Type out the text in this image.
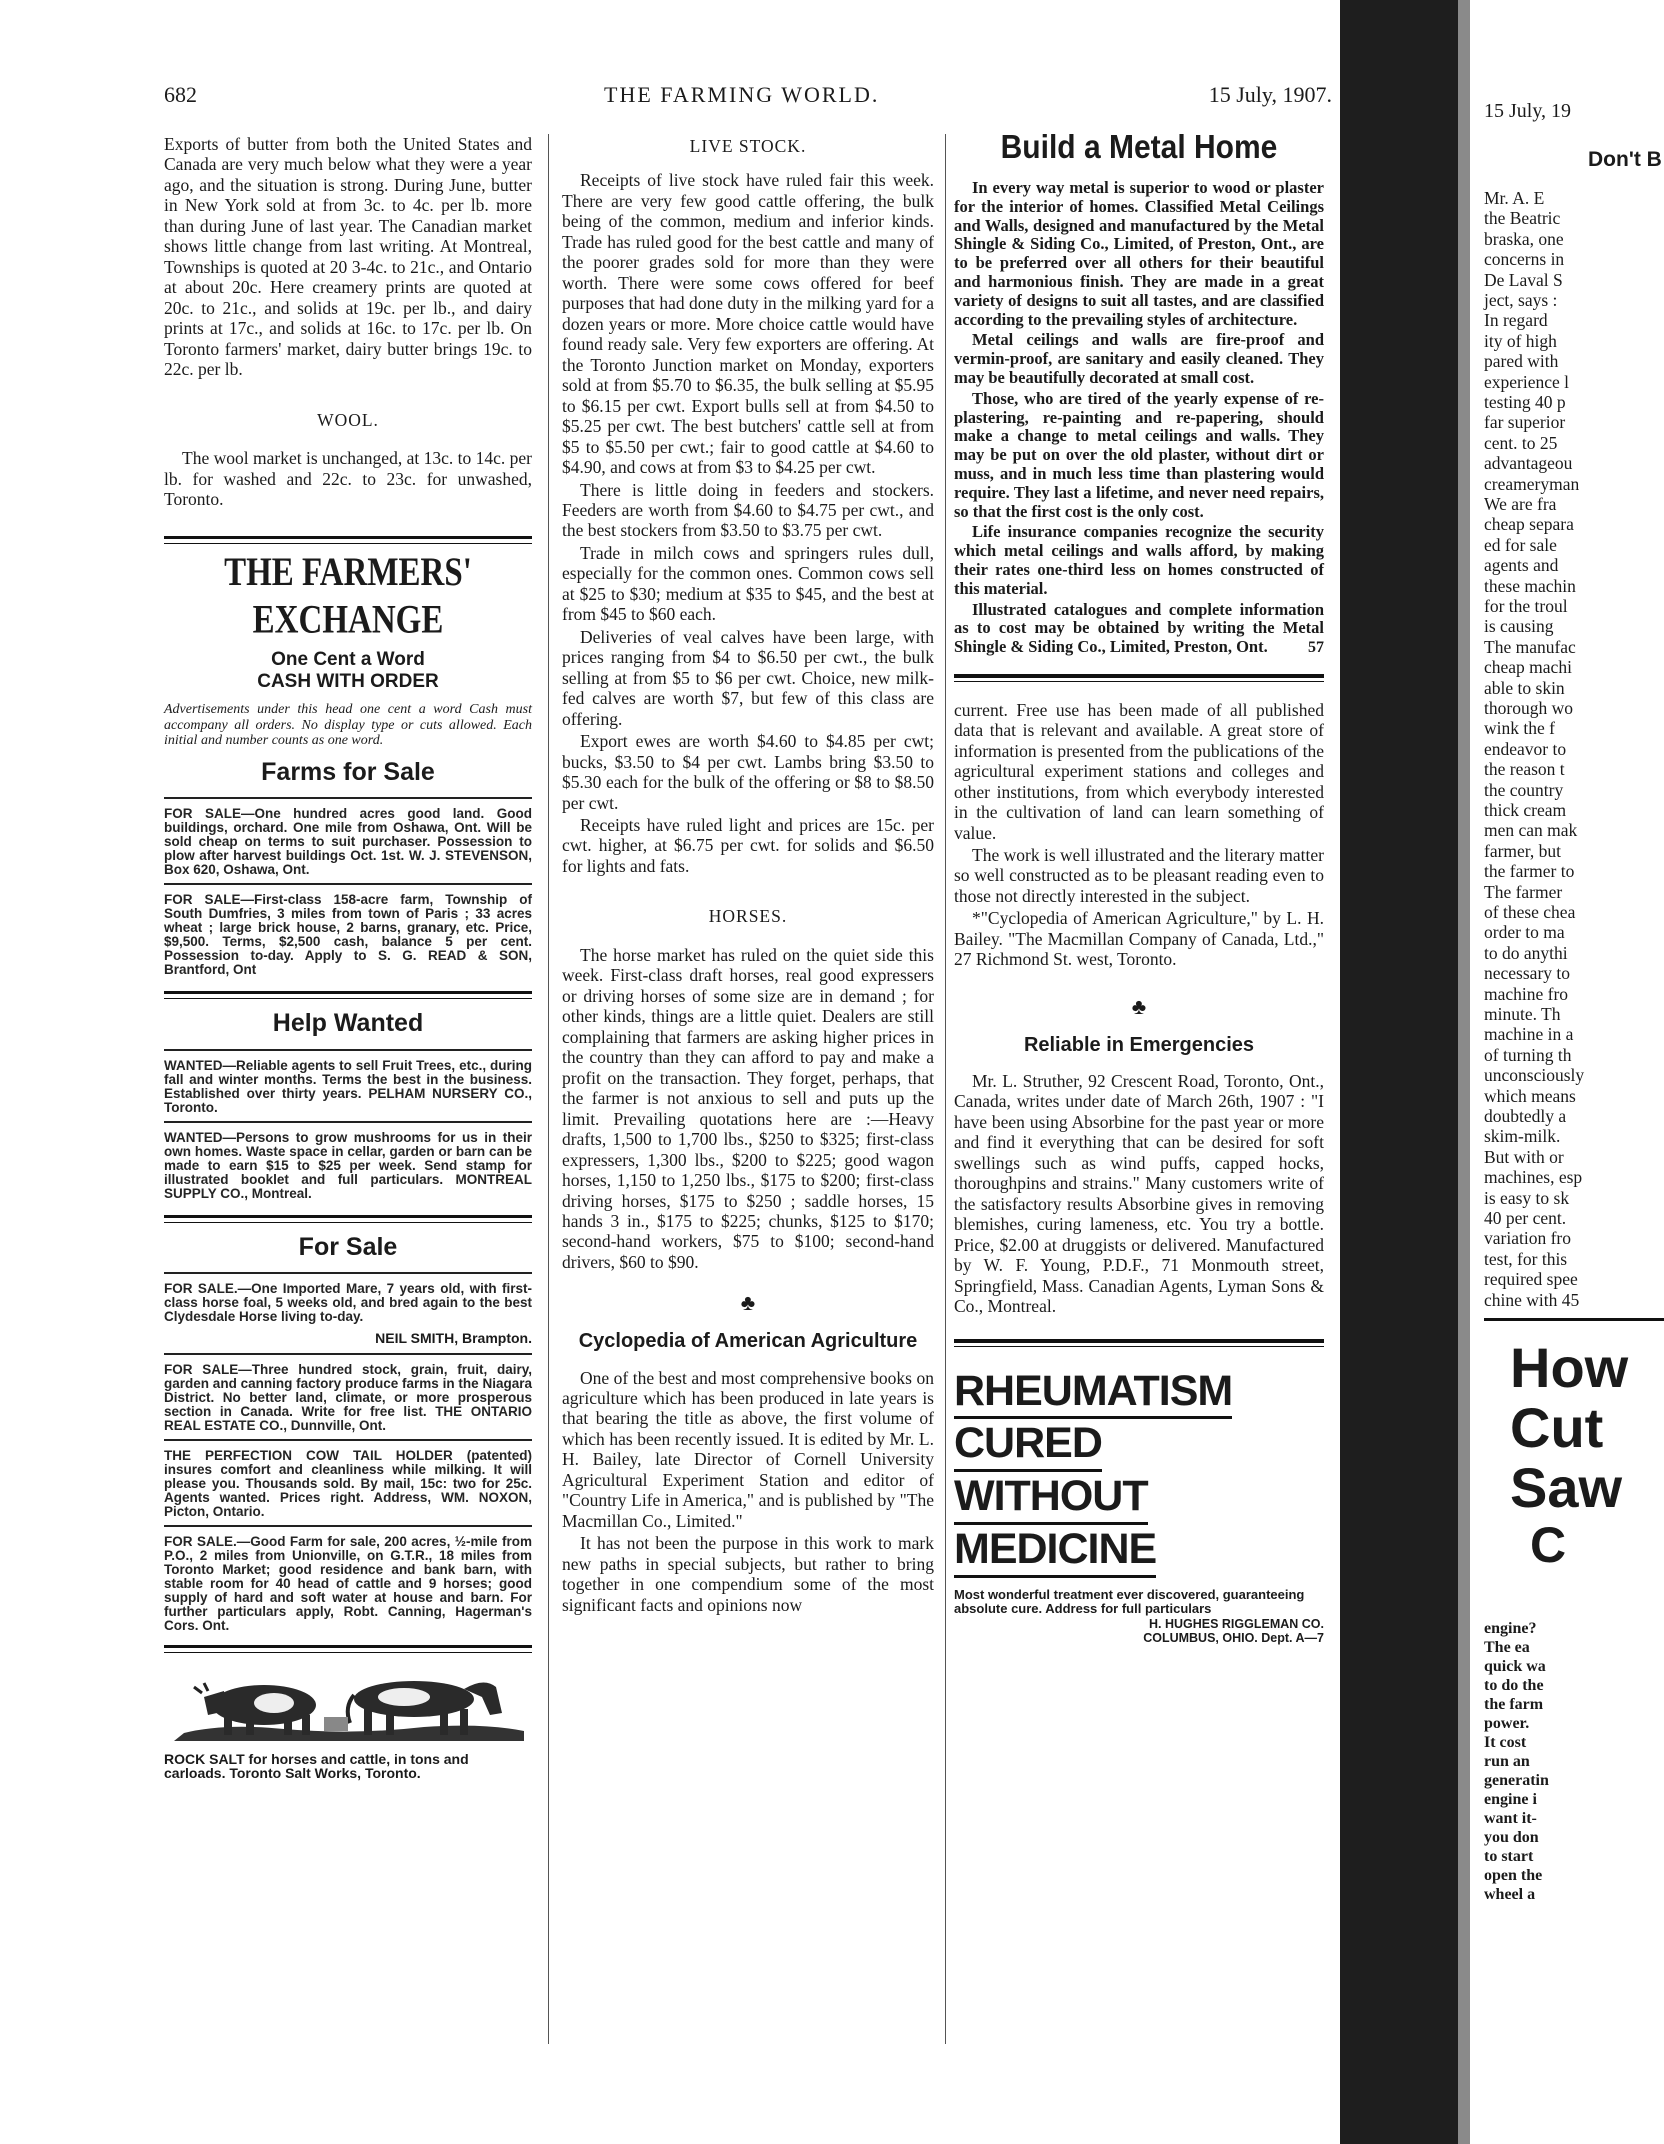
682	THE FARMING WORLD.	15 July, 1907.

Exports of butter from both the United States and Canada are very much below what they were a year ago, and the situation is strong. During June, butter in New York sold at from 3c. to 4c. per lb. more than during June of last year. The Canadian market shows little change from last writing. At Montreal, Townships is quoted at 20 3-4c. to 21c., and Ontario at about 20c. Here creamery prints are quoted at 20c. to 21c., and solids at 19c. per lb., and dairy prints at 17c., and solids at 16c. to 17c. per lb. On Toronto farmers' market, dairy butter brings 19c. to 22c. per lb.

WOOL.

The wool market is unchanged, at 13c. to 14c. per lb. for washed and 22c. to 23c. for unwashed, Toronto.

THE FARMERS' EXCHANGE
One Cent a Word
CASH WITH ORDER
Advertisements under this head one cent a word Cash must accompany all orders. No display type or cuts allowed. Each initial and number counts as one word.
Farms for Sale
FOR SALE—One hundred acres good land. Good buildings, orchard. One mile from Oshawa, Ont. Will be sold cheap on terms to suit purchaser. Possession to plow after harvest buildings Oct. 1st. W. J. STEVENSON, Box 620, Oshawa, Ont.
FOR SALE—First-class 158-acre farm, Township of South Dumfries, 3 miles from town of Paris ; 33 acres wheat ; large brick house, 2 barns, granary, etc. Price, $9,500. Terms, $2,500 cash, balance 5 per cent. Possession to-day. Apply to S. G. READ & SON, Brantford, Ont
Help Wanted
WANTED—Reliable agents to sell Fruit Trees, etc., during fall and winter months. Terms the best in the business. Established over thirty years. PELHAM NURSERY CO., Toronto.
WANTED—Persons to grow mushrooms for us in their own homes. Waste space in cellar, garden or barn can be made to earn $15 to $25 per week. Send stamp for illustrated booklet and full particulars. MONTREAL SUPPLY CO., Montreal.
For Sale
FOR SALE.—One Imported Mare, 7 years old, with first-class horse foal, 5 weeks old, and bred again to the best Clydesdale Horse living to-day.
NEIL SMITH, Brampton.
FOR SALE—Three hundred stock, grain, fruit, dairy, garden and canning factory produce farms in the Niagara District. No better land, climate, or more prosperous section in Canada. Write for free list. THE ONTARIO REAL ESTATE CO., Dunnville, Ont.
THE PERFECTION COW TAIL HOLDER (patented) insures comfort and cleanliness while milking. It will please you. Thousands sold. By mail, 15c: two for 25c. Agents wanted. Prices right. Address, WM. NOXON, Picton, Ontario.
FOR SALE.—Good Farm for sale, 200 acres, ½-mile from P.O., 2 miles from Unionville, on G.T.R., 18 miles from Toronto Market; good residence and bank barn, with stable room for 40 head of cattle and 9 horses; good supply of hard and soft water at house and barn. For further particulars apply, Robt. Canning, Hagerman's Cors. Ont.
ROCK SALT for horses and cattle, in tons and carloads. Toronto Salt Works, Toronto.
LIVE STOCK.

Receipts of live stock have ruled fair this week. There are very few good cattle offering, the bulk being of the common, medium and inferior kinds. Trade has ruled good for the best cattle and many of the poorer grades sold for more than they were worth. There were some cows offered for beef purposes that had done duty in the milking yard for a dozen years or more. More choice cattle would have found ready sale. Very few exporters are offering. At the Toronto Junction market on Monday, exporters sold at from $5.70 to $6.35, the bulk selling at $5.95 to $6.15 per cwt. Export bulls sell at from $4.50 to $5.25 per cwt. The best butchers' cattle sell at from $5 to $5.50 per cwt.; fair to good cattle at $4.60 to $4.90, and cows at from $3 to $4.25 per cwt.

There is little doing in feeders and stockers. Feeders are worth from $4.60 to $4.75 per cwt., and the best stockers from $3.50 to $3.75 per cwt.

Trade in milch cows and springers rules dull, especially for the common ones. Common cows sell at $25 to $30; medium at $35 to $45, and the best at from $45 to $60 each.

Deliveries of veal calves have been large, with prices ranging from $4 to $6.50 per cwt., the bulk selling at from $5 to $6 per cwt. Choice, new milk-fed calves are worth $7, but few of this class are offering.

Export ewes are worth $4.60 to $4.85 per cwt; bucks, $3.50 to $4 per cwt. Lambs bring $3.50 to $5.30 each for the bulk of the offering or $8 to $8.50 per cwt.

Receipts have ruled light and prices are 15c. per cwt. higher, at $6.75 per cwt. for solids and $6.50 for lights and fats.

HORSES.

The horse market has ruled on the quiet side this week. First-class draft horses, real good expressers or driving horses of some size are in demand ; for other kinds, things are a little quiet. Dealers are still complaining that farmers are asking higher prices in the country than they can afford to pay and make a profit on the transaction. They forget, perhaps, that the farmer is not anxious to sell and puts up the limit. Prevailing quotations here are :—Heavy drafts, 1,500 to 1,700 lbs., $250 to $325; first-class expressers, 1,300 lbs., $200 to $225; good wagon horses, 1,150 to 1,250 lbs., $175 to $200; first-class driving horses, $175 to $250 ; saddle horses, 15 hands 3 in., $175 to $225; chunks, $125 to $170; second-hand workers, $75 to $100; second-hand drivers, $60 to $90.

♣
Cyclopedia of American Agriculture

One of the best and most comprehensive books on agriculture which has been produced in late years is that bearing the title as above, the first volume of which has been recently issued. It is edited by Mr. L. H. Bailey, late Director of Cornell University Agricultural Experiment Station and editor of "Country Life in America," and is published by "The Macmillan Co., Limited."

It has not been the purpose in this work to mark new paths in special subjects, but rather to bring together in one compendium some of the most significant facts and opinions now

Build a Metal Home

In every way metal is superior to wood or plaster for the interior of homes. Classified Metal Ceilings and Walls, designed and manufactured by the Metal Shingle & Siding Co., Limited, of Preston, Ont., are to be preferred over all others for their beautiful and harmonious finish. They are made in a great variety of designs to suit all tastes, and are classified according to the prevailing styles of architecture.

Metal ceilings and walls are fire-proof and vermin-proof, are sanitary and easily cleaned. They may be beautifully decorated at small cost.

Those, who are tired of the yearly expense of re-plastering, re-painting and re-papering, should make a change to metal ceilings and walls. They may be put on over the old plaster, without dirt or muss, and in much less time than plastering would require. They last a lifetime, and never need repairs, so that the first cost is the only cost.

Life insurance companies recognize the security which metal ceilings and walls afford, by making their rates one-third less on homes constructed of this material.

Illustrated catalogues and complete information as to cost may be obtained by writing the Metal Shingle & Siding Co., Limited, Preston, Ont.	57

current. Free use has been made of all published data that is relevant and available. A great store of information is presented from the publications of the agricultural experiment stations and colleges and other institutions, from which everybody interested in the cultivation of land can learn something of value.

The work is well illustrated and the literary matter so well constructed as to be pleasant reading even to those not directly interested in the subject.

*"Cyclopedia of American Agriculture," by L. H. Bailey. "The Macmillan Company of Canada, Ltd.," 27 Richmond St. west, Toronto.

♣
Reliable in Emergencies

Mr. L. Struther, 92 Crescent Road, Toronto, Ont., Canada, writes under date of March 26th, 1907 : "I have been using Absorbine for the past year or more and find it everything that can be desired for soft swellings such as wind puffs, capped hocks, thoroughpins and strains." Many customers write of the satisfactory results Absorbine gives in removing blemishes, curing lameness, etc. You try a bottle. Price, $2.00 at druggists or delivered. Manufactured by W. F. Young, P.D.F., 71 Monmouth street, Springfield, Mass. Canadian Agents, Lyman Sons & Co., Montreal.

RHEUMATISM
CURED
WITHOUT
MEDICINE
Most wonderful treatment ever discovered, guaranteeing absolute cure. Address for full particulars
H. HUGHES RIGGLEMAN CO.
COLUMBUS, OHIO. Dept. A—7
15 July, 19
Don't B
Mr. A. E
the Beatric
braska, one
concerns in
De Laval S
ject, says :
In regard
ity of high
pared with
experience l
testing 40 p
far superior
cent. to 25
advantageou
creameryman
We are fra
cheap separa
ed for sale
agents and
these machin
for the troul
is causing
The manufac
cheap machi
able to skin
thorough wo
wink the f
endeavor to
the reason t
the country
thick cream
men can mak
farmer, but
the farmer to
The farmer
of these chea
order to ma
to do anythi
necessary to
machine fro
minute. Th
machine in a
of turning th
unconsciously
which means
doubtedly a
skim-milk.
But with or
machines, esp
is easy to sk
40 per cent.
variation fro
test, for this
required spee
chine with 45
How
Cut
Saw
C
engine?
The ea
quick wa
to do the
the farm
power.
It cost
run an
generatin
engine i
want it-
you don
to start
open the
wheel a
